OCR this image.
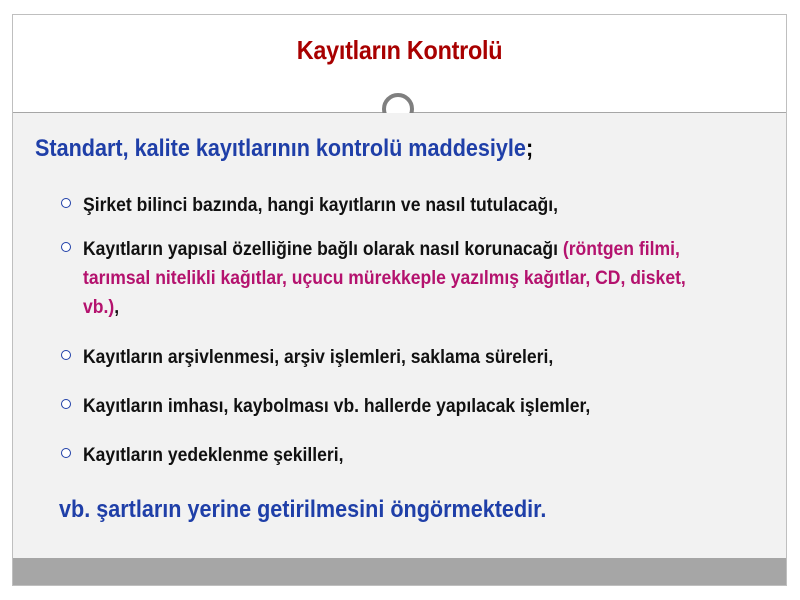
Kayıtların Kontrolü
Standart, kalite kayıtlarının kontrolü maddesiyle;
Şirket bilinci bazında, hangi kayıtların ve nasıl tutulacağı,
Kayıtların yapısal özelliğine bağlı olarak nasıl korunacağı (röntgen filmi, tarımsal nitelikli kağıtlar, uçucu mürekkeple yazılmış kağıtlar, CD, disket, vb.),
Kayıtların arşivlenmesi, arşiv işlemleri, saklama süreleri,
Kayıtların imhası, kaybolması vb. hallerde yapılacak işlemler,
Kayıtların yedeklenme şekilleri,
vb. şartların yerine getirilmesini öngörmektedir.
